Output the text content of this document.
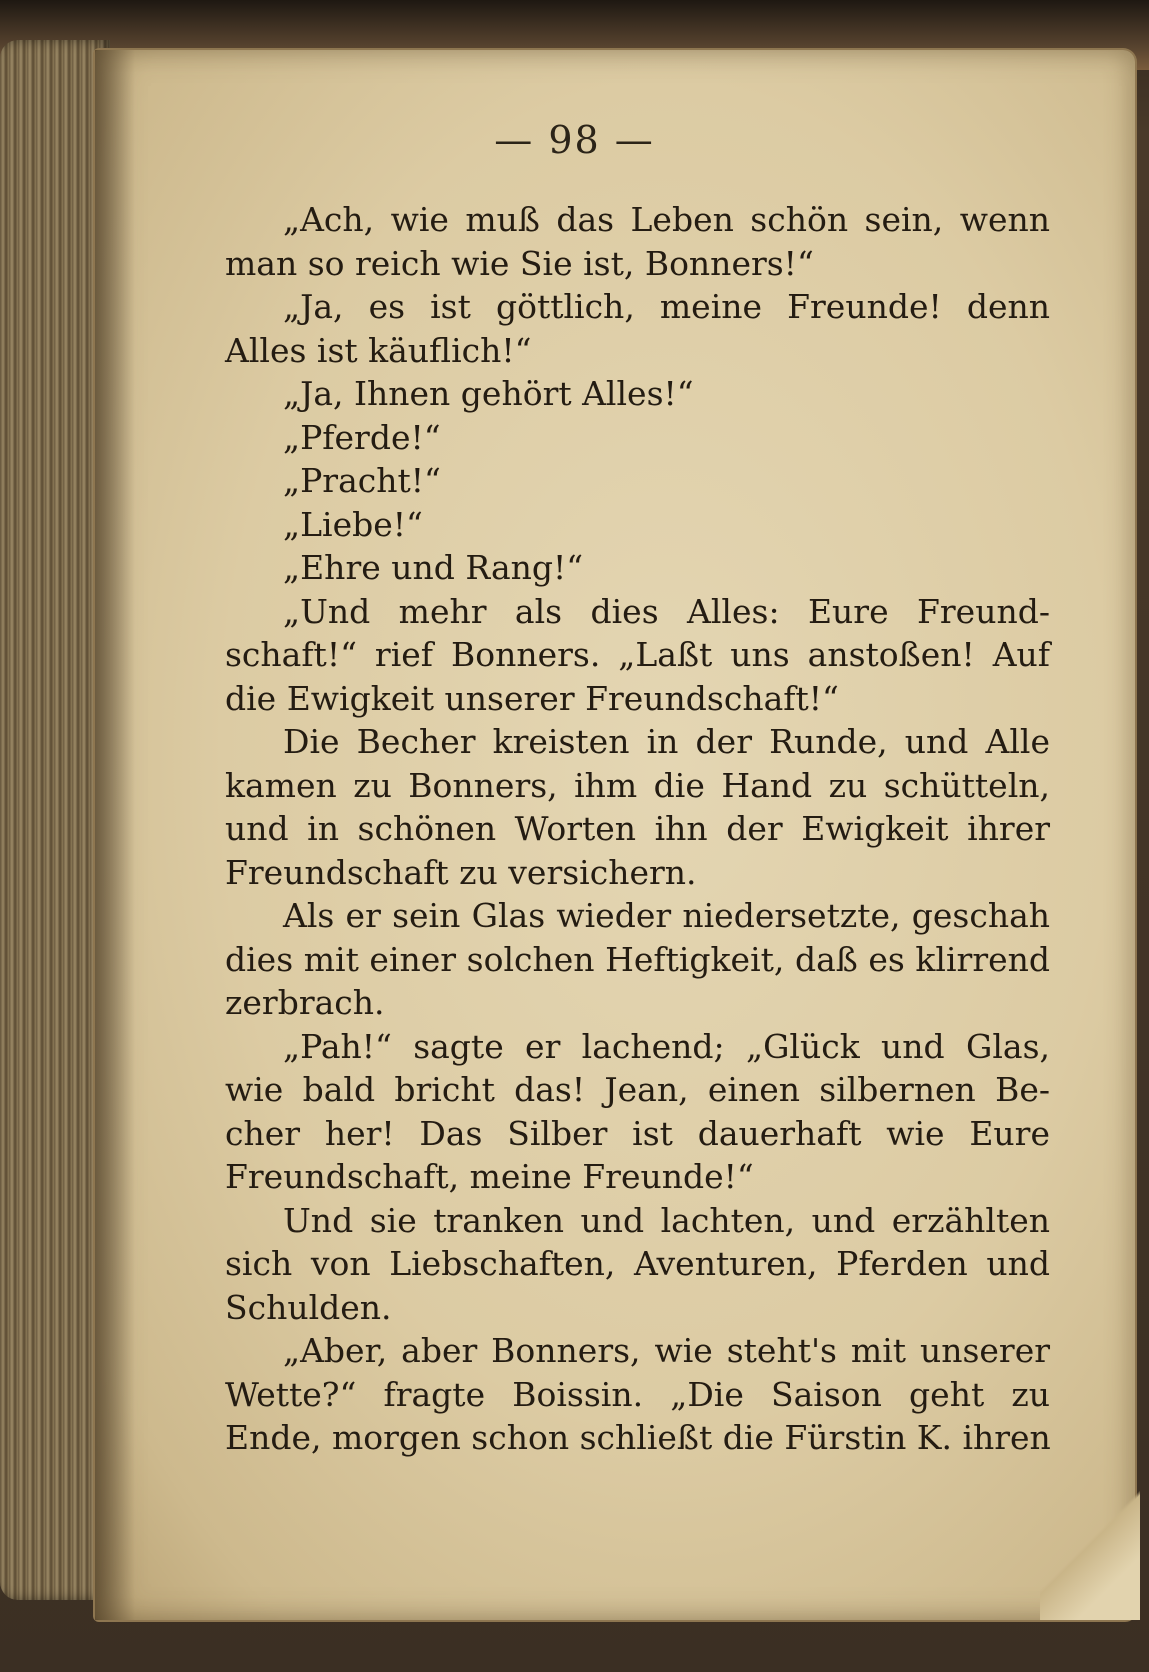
— 98 —
„Ach, wie muß das Leben schön sein, wenn
man so reich wie Sie ist, Bonners!“
„Ja, es ist göttlich, meine Freunde! denn
Alles ist käuflich!“
„Ja, Ihnen gehört Alles!“
„Pferde!“
„Pracht!“
„Liebe!“
„Ehre und Rang!“
„Und mehr als dies Alles: Eure Freund-
schaft!“ rief Bonners. „Laßt uns anstoßen! Auf
die Ewigkeit unserer Freundschaft!“
Die Becher kreisten in der Runde, und Alle
kamen zu Bonners, ihm die Hand zu schütteln,
und in schönen Worten ihn der Ewigkeit ihrer
Freundschaft zu versichern.
Als er sein Glas wieder niedersetzte, geschah
dies mit einer solchen Heftigkeit, daß es klirrend
zerbrach.
„Pah!“ sagte er lachend; „Glück und Glas,
wie bald bricht das! Jean, einen silbernen Be-
cher her! Das Silber ist dauerhaft wie Eure
Freundschaft, meine Freunde!“
Und sie tranken und lachten, und erzählten
sich von Liebschaften, Aventuren, Pferden und
Schulden.
„Aber, aber Bonners, wie steht's mit unserer
Wette?“ fragte Boissin. „Die Saison geht zu
Ende, morgen schon schließt die Fürstin K. ihren
